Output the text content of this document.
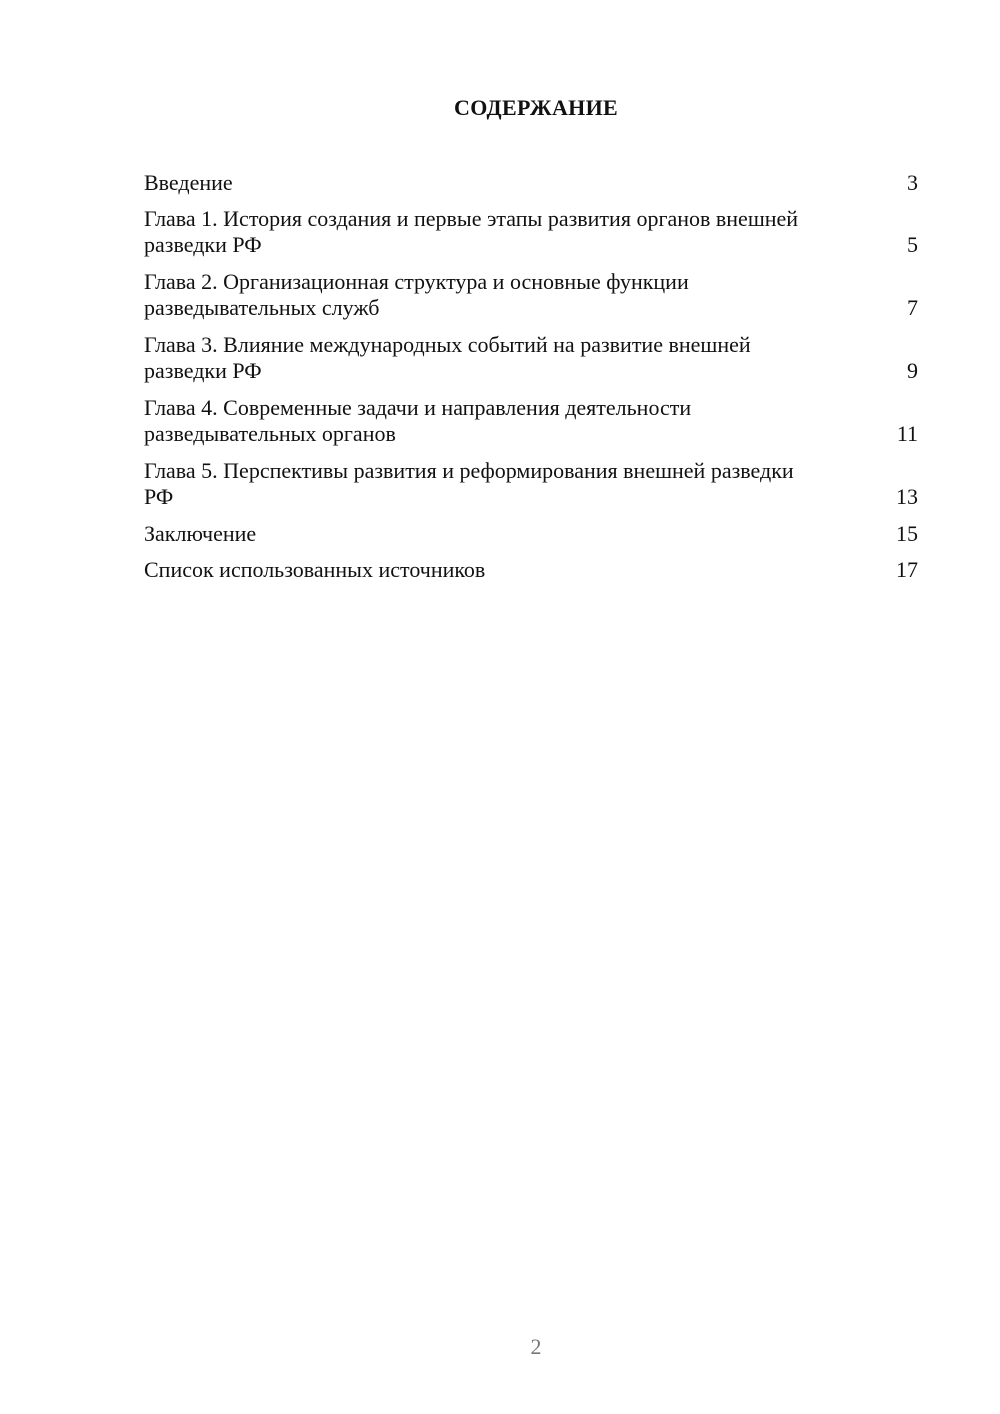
СОДЕРЖАНИЕ
Введение	3
Глава 1. История создания и первые этапы развития органов внешней разведки РФ	5
Глава 2. Организационная структура и основные функции разведывательных служб	7
Глава 3. Влияние международных событий на развитие внешней разведки РФ	9
Глава 4. Современные задачи и направления деятельности разведывательных органов	11
Глава 5. Перспективы развития и реформирования внешней разведки РФ	13
Заключение	15
Список использованных источников	17
2
